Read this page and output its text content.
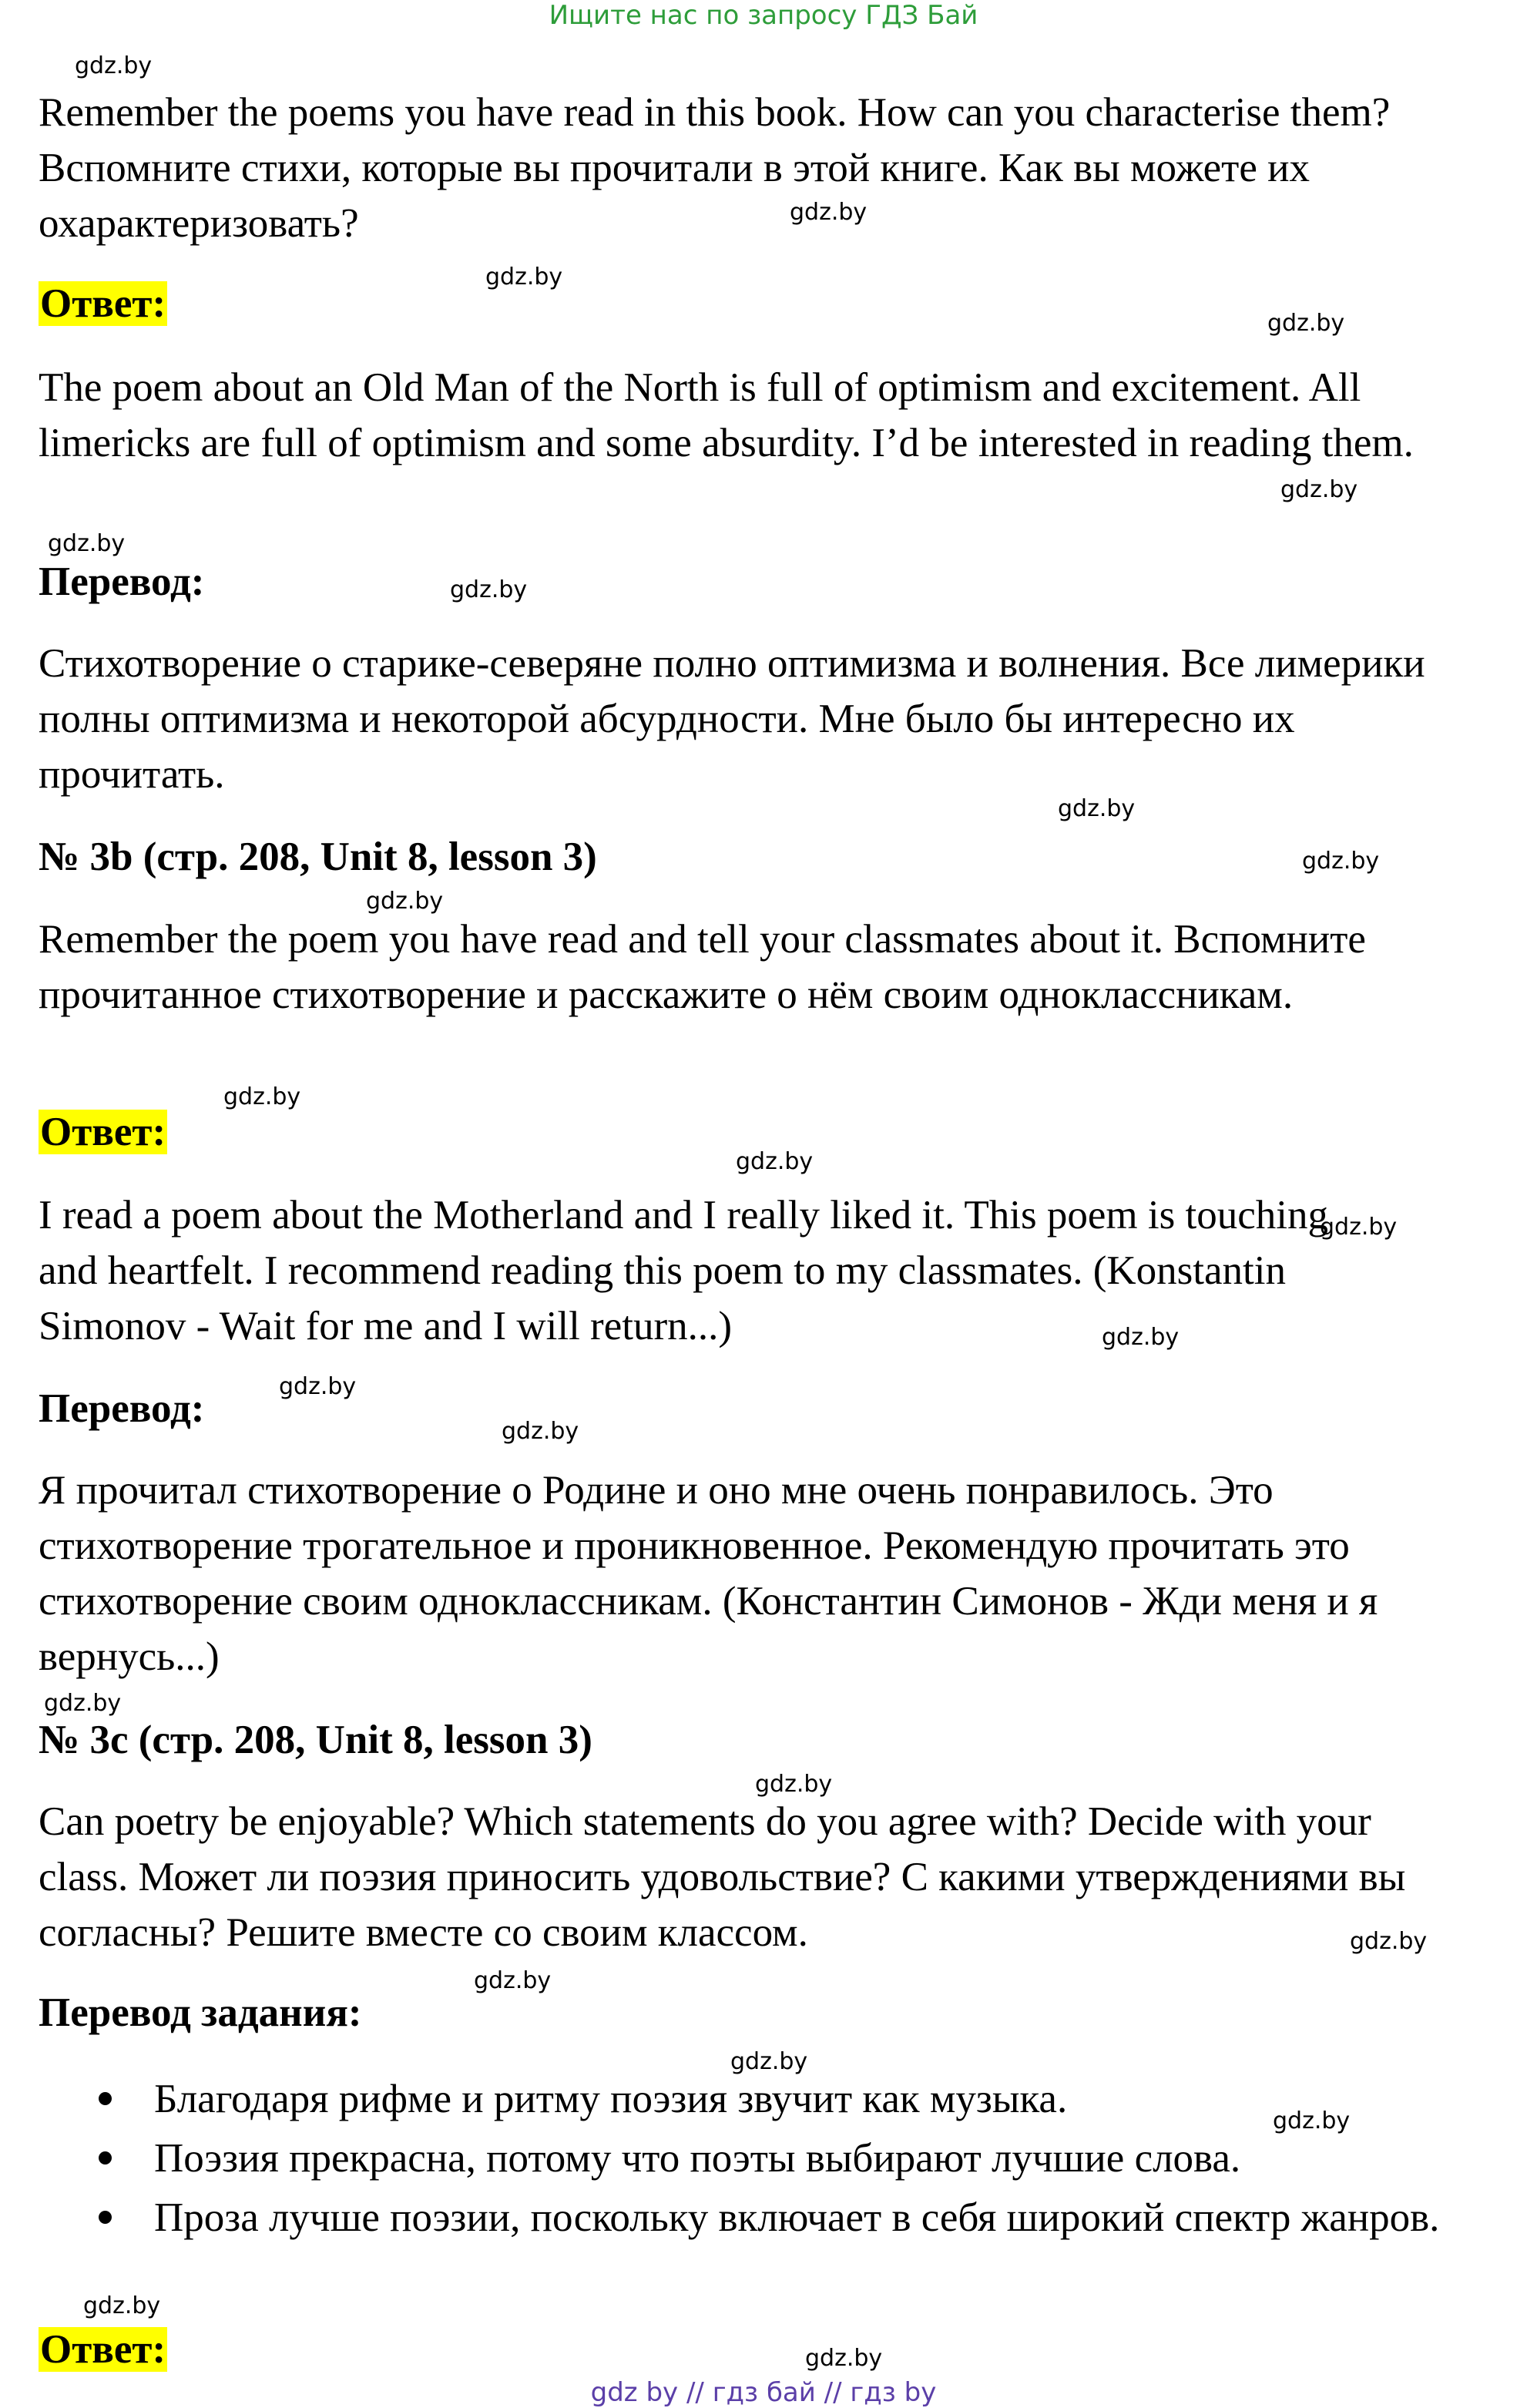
Ищите нас по запросу ГДЗ Бай
gdz.by
gdz.by
gdz.by
gdz.by
gdz.by
gdz.by
gdz.by
gdz.by
gdz.by
gdz.by
gdz.by
gdz.by
gdz.by
gdz.by
gdz.by
gdz.by
gdz.by
gdz.by
gdz.by
gdz.by
gdz.by
gdz.by
gdz.by
gdz.by
Remember the poems you have read in this book. How can you characterise them? Вспомните стихи, которые вы прочитали в этой книге. Как вы можете их охарактеризовать?
Ответ:
The poem about an Old Man of the North is full of optimism and excitement. All limericks are full of optimism and some absurdity. I’d be interested in reading them.
Перевод:
Стихотворение о старике-северяне полно оптимизма и волнения. Все лимерики полны оптимизма и некоторой абсурдности. Мне было бы интересно их прочитать.
№ 3b (стр. 208, Unit 8, lesson 3)
Remember the poem you have read and tell your classmates about it. Вспомните прочитанное стихотворение и расскажите о нём своим одноклассникам.
Ответ:
I read a poem about the Motherland and I really liked it. This poem is touching and heartfelt. I recommend reading this poem to my classmates. (Konstantin Simonov - Wait for me and I will return...)
Перевод:
Я прочитал стихотворение о Родине и оно мне очень понравилось. Это стихотворение трогательное и проникновенное. Рекомендую прочитать это стихотворение своим одноклассникам. (Константин Симонов - Жди меня и я вернусь...)
№ 3c (стр. 208, Unit 8, lesson 3)
Can poetry be enjoyable? Which statements do you agree with? Decide with your class. Может ли поэзия приносить удовольствие? С какими утверждениями вы согласны? Решите вместе со своим классом.
Перевод задания:
Благодаря рифме и ритму поэзия звучит как музыка.
Поэзия прекрасна, потому что поэты выбирают лучшие слова.
Проза лучше поэзии, поскольку включает в себя широкий спектр жанров.
Ответ:
gdz by // гдз бай // гдз by
